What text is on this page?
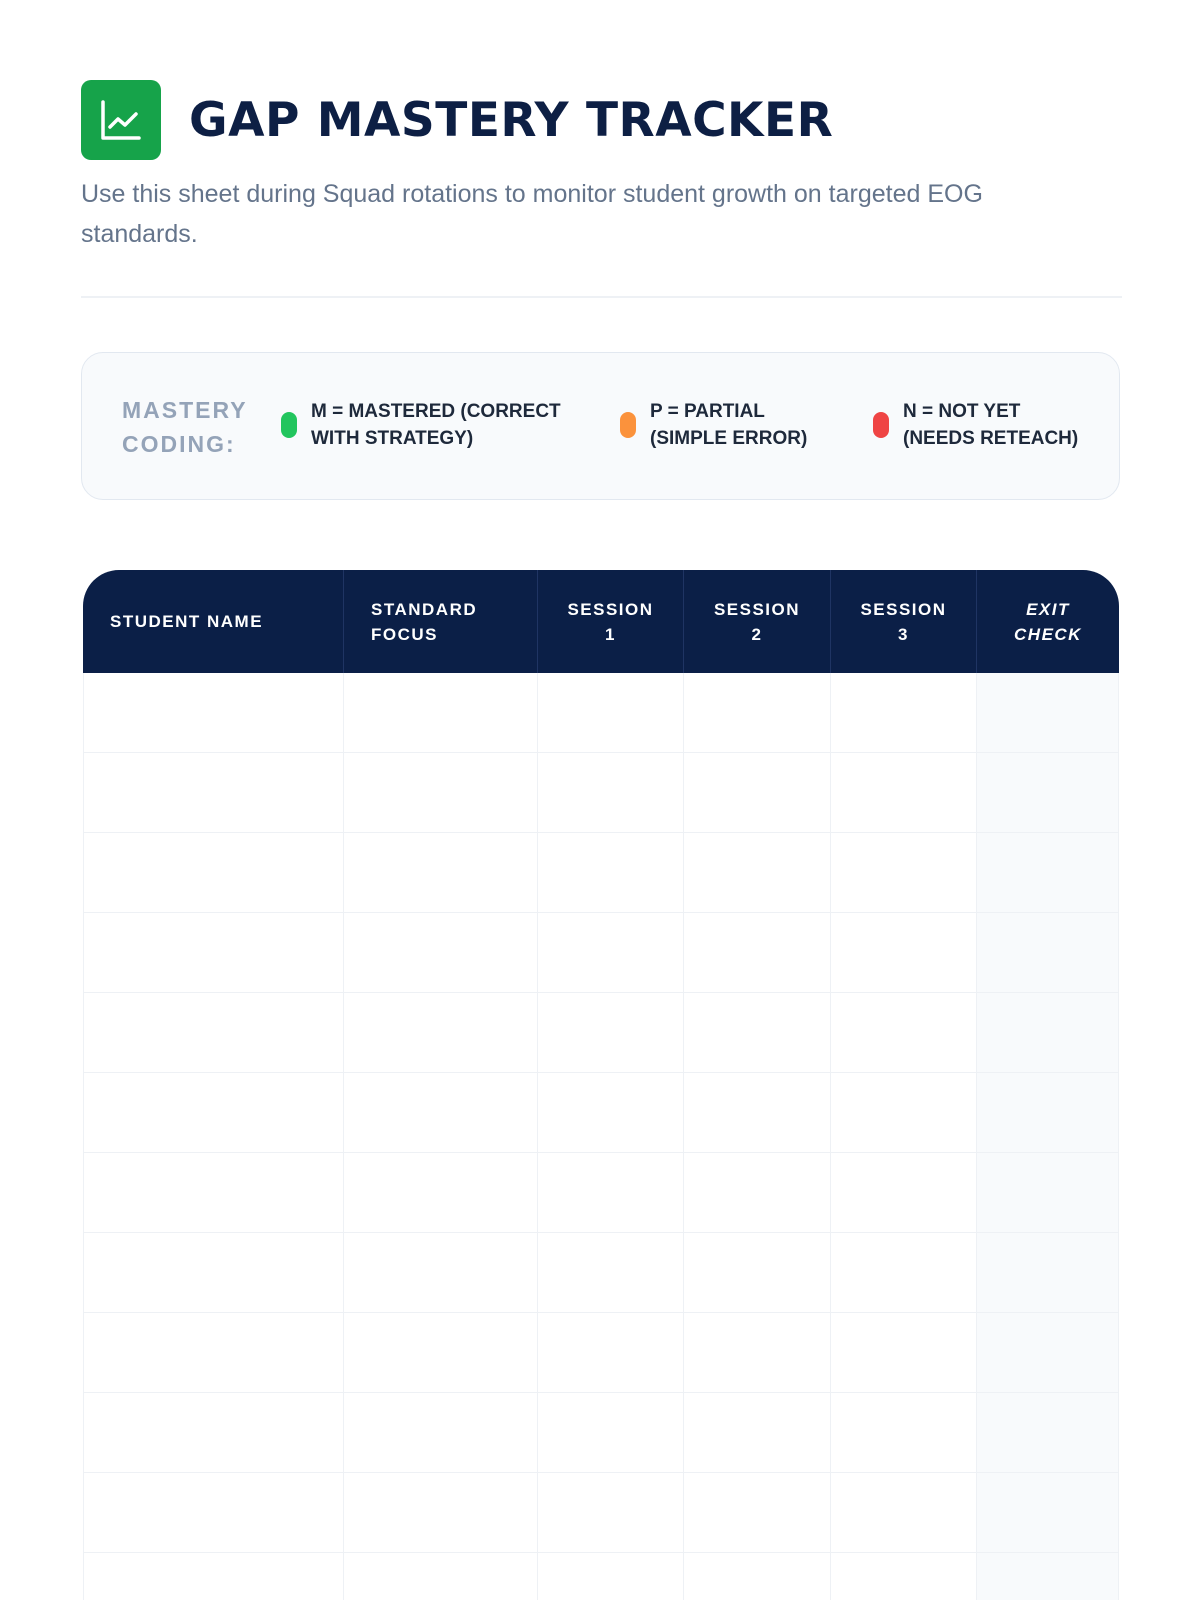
GAP MASTERY TRACKER
Use this sheet during Squad rotations to monitor student growth on targeted EOG standards.
MASTERY CODING:
M = MASTERED (CORRECT WITH STRATEGY)
P = PARTIAL (SIMPLE ERROR)
N = NOT YET (NEEDS RETEACH)
STUDENT NAME	STANDARD FOCUS	SESSION 1	SESSION 2	SESSION 3	EXIT CHECK
